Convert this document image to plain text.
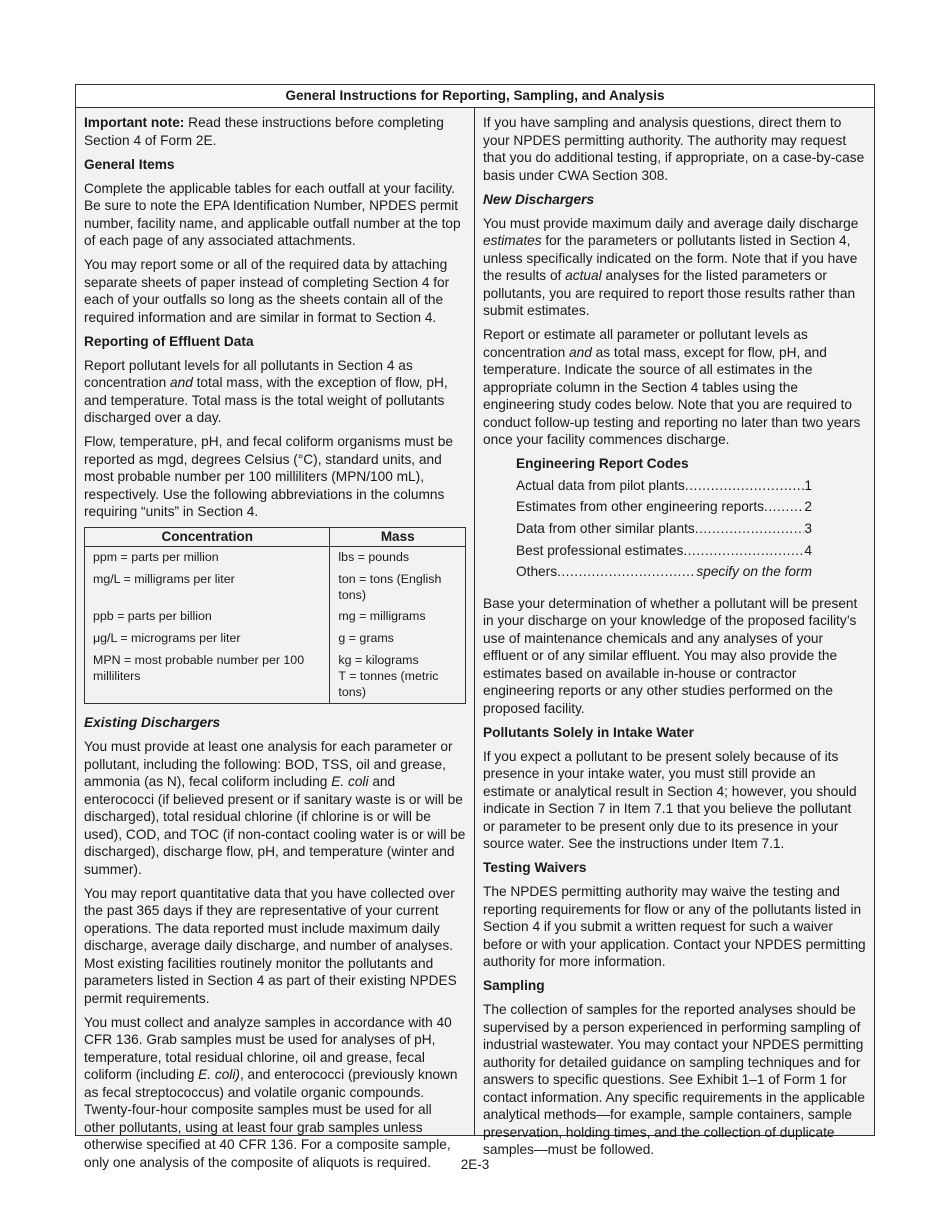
General Instructions for Reporting, Sampling, and Analysis

Important note: Read these instructions before completing Section 4 of Form 2E.

General Items

Complete the applicable tables for each outfall at your facility. Be sure to note the EPA Identification Number, NPDES permit number, facility name, and applicable outfall number at the top of each page of any associated attachments.

You may report some or all of the required data by attaching separate sheets of paper instead of completing Section 4 for each of your outfalls so long as the sheets contain all of the required information and are similar in format to Section 4.

Reporting of Effluent Data

Report pollutant levels for all pollutants in Section 4 as concentration and total mass, with the exception of flow, pH, and temperature. Total mass is the total weight of pollutants discharged over a day.

Flow, temperature, pH, and fecal coliform organisms must be reported as mgd, degrees Celsius (°C), standard units, and most probable number per 100 milliliters (MPN/100 mL), respectively. Use the following abbreviations in the columns requiring “units” in Section 4.

Concentration	Mass
ppm = parts per million	lbs = pounds
mg/L = milligrams per liter	ton = tons (English tons)
ppb = parts per billion	mg = milligrams
μg/L = micrograms per liter	g = grams
MPN = most probable number per 100 milliliters	kg = kilograms
T = tonnes (metric tons)
Existing Dischargers

You must provide at least one analysis for each parameter or pollutant, including the following: BOD, TSS, oil and grease, ammonia (as N), fecal coliform including E. coli and enterococci (if believed present or if sanitary waste is or will be discharged), total residual chlorine (if chlorine is or will be used), COD, and TOC (if non-contact cooling water is or will be discharged), discharge flow, pH, and temperature (winter and summer).

You may report quantitative data that you have collected over the past 365 days if they are representative of your current operations. The data reported must include maximum daily discharge, average daily discharge, and number of analyses. Most existing facilities routinely monitor the pollutants and parameters listed in Section 4 as part of their existing NPDES permit requirements.

You must collect and analyze samples in accordance with 40 CFR 136. Grab samples must be used for analyses of pH, temperature, total residual chlorine, oil and grease, fecal coliform (including E. coli), and enterococci (previously known as fecal streptococcus) and volatile organic compounds. Twenty-four-hour composite samples must be used for all other pollutants, using at least four grab samples unless otherwise specified at 40 CFR 136. For a composite sample, only one analysis of the composite of aliquots is required.

If you have sampling and analysis questions, direct them to your NPDES permitting authority. The authority may request that you do additional testing, if appropriate, on a case-by-case basis under CWA Section 308.

New Dischargers

You must provide maximum daily and average daily discharge estimates for the parameters or pollutants listed in Section 4, unless specifically indicated on the form. Note that if you have the results of actual analyses for the listed parameters or pollutants, you are required to report those results rather than submit estimates.

Report or estimate all parameter or pollutant levels as concentration and as total mass, except for flow, pH, and temperature. Indicate the source of all estimates in the appropriate column in the Section 4 tables using the engineering study codes below. Note that you are required to conduct follow-up testing and reporting no later than two years once your facility commences discharge.

Engineering Report Codes
Actual data from pilot plants .....	1
Estimates from other engineering reports .....	2
Data from other similar plants .....	3
Best professional estimates .....	4
Others .....	specify on the form

Base your determination of whether a pollutant will be present in your discharge on your knowledge of the proposed facility’s use of maintenance chemicals and any analyses of your effluent or of any similar effluent. You may also provide the estimates based on available in-house or contractor engineering reports or any other studies performed on the proposed facility.

Pollutants Solely in Intake Water

If you expect a pollutant to be present solely because of its presence in your intake water, you must still provide an estimate or analytical result in Section 4; however, you should indicate in Section 7 in Item 7.1 that you believe the pollutant or parameter to be present only due to its presence in your source water. See the instructions under Item 7.1.

Testing Waivers

The NPDES permitting authority may waive the testing and reporting requirements for flow or any of the pollutants listed in Section 4 if you submit a written request for such a waiver before or with your application. Contact your NPDES permitting authority for more information.

Sampling

The collection of samples for the reported analyses should be supervised by a person experienced in performing sampling of industrial wastewater. You may contact your NPDES permitting authority for detailed guidance on sampling techniques and for answers to specific questions. See Exhibit 1–1 of Form 1 for contact information. Any specific requirements in the applicable analytical methods—for example, sample containers, sample preservation, holding times, and the collection of duplicate samples—must be followed.

2E-3
